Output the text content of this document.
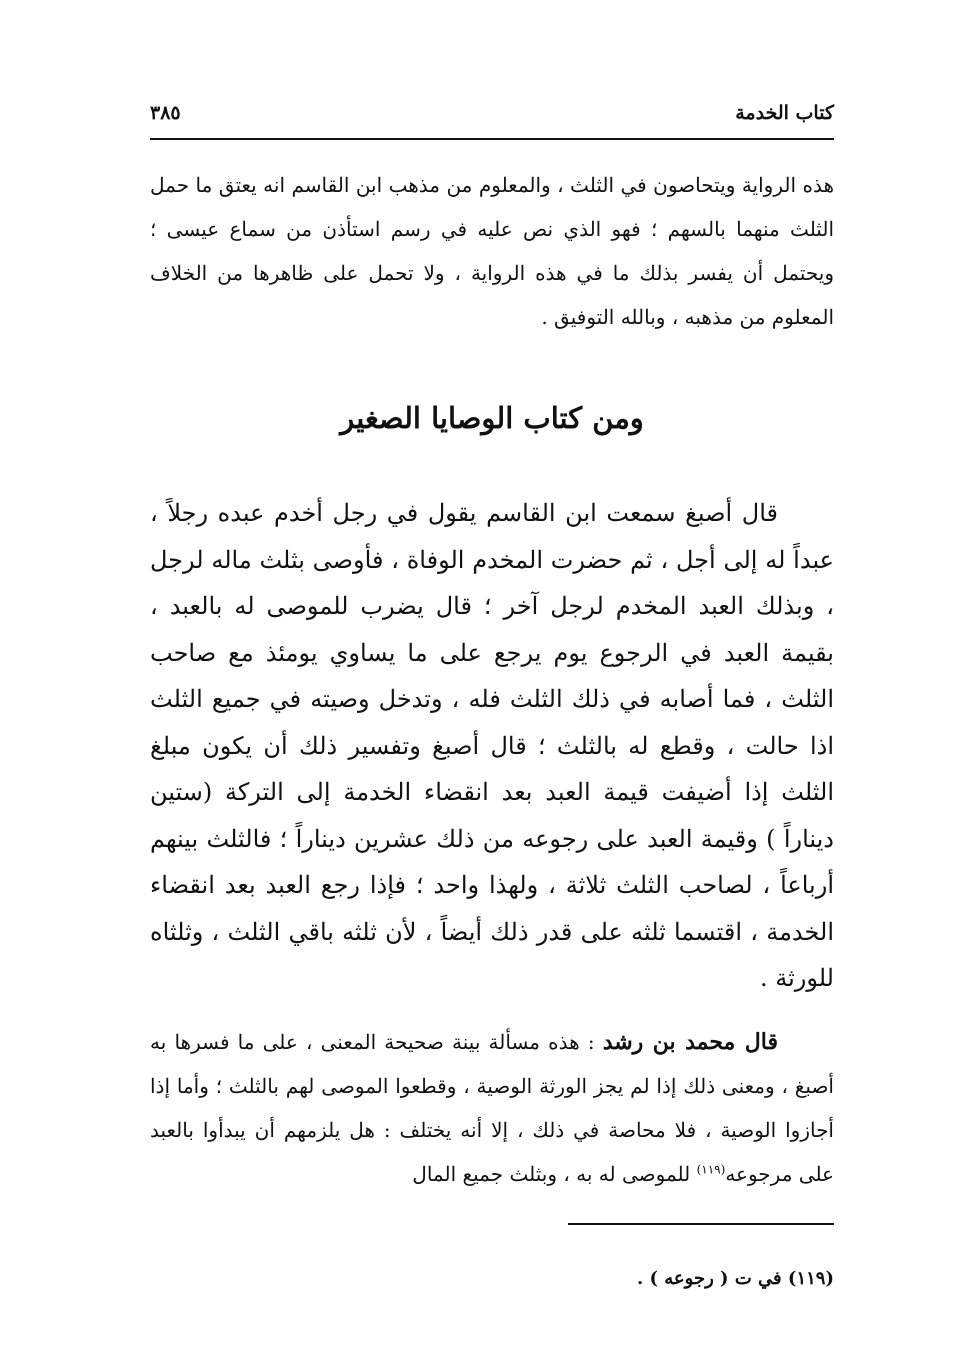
كتاب الخدمة
٣٨٥

هذه الرواية ويتحاصون في الثلث ، والمعلوم من مذهب ابن القاسم انه يعتق ما حمل الثلث منهما بالسهم ؛ فهو الذي نص عليه في رسم استأذن من سماع عيسى ؛ ويحتمل أن يفسر بذلك ما في هذه الرواية ، ولا تحمل على ظاهرها من الخلاف المعلوم من مذهبه ، وبالله التوفيق .

ومن كتاب الوصايا الصغير

قال أصبغ سمعت ابن القاسم يقول في رجل أخدم عبده رجلاً ، عبداً له إلى أجل ، ثم حضرت المخدم الوفاة ، فأوصى بثلث ماله لرجل ، وبذلك العبد المخدم لرجل آخر ؛ قال يضرب للموصى له بالعبد ، بقيمة العبد في الرجوع يوم يرجع على ما يساوي يومئذ مع صاحب الثلث ، فما أصابه في ذلك الثلث فله ، وتدخل وصيته في جميع الثلث اذا حالت ، وقطع له بالثلث ؛ قال أصبغ وتفسير ذلك أن يكون مبلغ الثلث إذا أضيفت قيمة العبد بعد انقضاء الخدمة إلى التركة (ستين ديناراً ) وقيمة العبد على رجوعه من ذلك عشرين ديناراً ؛ فالثلث بينهم أرباعاً ، لصاحب الثلث ثلاثة ، ولهذا واحد ؛ فإذا رجع العبد بعد انقضاء الخدمة ، اقتسما ثلثه على قدر ذلك أيضاً ، لأن ثلثه باقي الثلث ، وثلثاه للورثة .

قال محمد بن رشد : هذه مسألة بينة صحيحة المعنى ، على ما فسرها به أصبغ ، ومعنى ذلك إذا لم يجز الورثة الوصية ، وقطعوا الموصى لهم بالثلث ؛ وأما إذا أجازوا الوصية ، فلا محاصة في ذلك ، إلا أنه يختلف : هل يلزمهم أن يبدأوا بالعبد على مرجوعه$^{(١١٩)}$ للموصى له به ، وبثلث جميع المال

(١١٩) في ت ( رجوعه ) .
